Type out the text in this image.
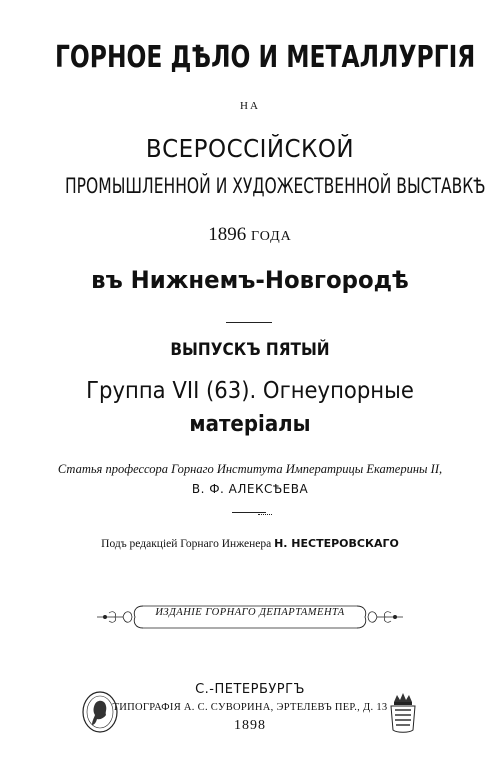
ГОРНОЕ ДѢЛО И МЕТАЛЛУРГІЯ
НА
ВСЕРОССІЙСКОЙ
ПРОМЫШЛЕННОЙ И ХУДОЖЕСТВЕННОЙ ВЫСТАВКѢ
1896 ГОДА
въ Нижнемъ-Новгородѣ
ВЫПУСКЪ ПЯТЫЙ
Группа VII (63). Огнеупорные
матеріалы
Статья профессора Горнаго Института Императрицы Екатерины II,
В. Ф. АЛЕКСѢЕВА
Подъ редакціей Горнаго Инженера Н. НЕСТЕРОВСКАГО
ИЗДАНІЕ ГОРНАГО ДЕПАРТАМЕНТА
С.-ПЕТЕРБУРГЪ
ТИПОГРАФІЯ А. С. СУВОРИНА, ЭРТЕЛЕВЪ ПЕР., Д. 13
1898
